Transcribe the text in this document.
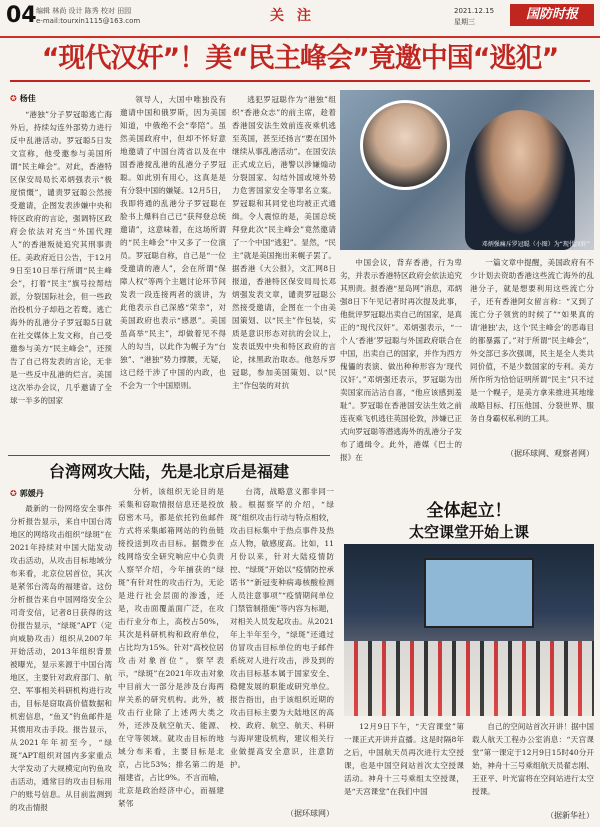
04 编辑 林尚 设计 陈秀 校对 田园
e-mail:tourxin1115@163.com	关 注	2021.12.15
星期三	国防时报
“现代汉奸”！美“民主峰会”竟邀中国“逃犯”
✪ 杨佳

“港独”分子罗冠聪逃亡海外后，持续勾连外部势力进行反中乱港活动。罗冠聪5日发文宣称，他受邀参与美国所谓“民主峰会”。对此，香港特区保安局局长邓炳强表示“极度愤慨”，谴责罗冠聪公然接受邀请，企图发表涉嫌中央和特区政府的言论，强调特区政府会依法对充当“外国代理人”的香港叛徒追究其刑事责任。美政府近日公告，于12月9日至10日举行所谓“民主峰会”，打着“民主”旗号拉帮结派，分裂国际社会，但一些政治投机分子却趋之若鹜。逃亡海外的乱港分子罗冠聪5日就在社交媒体上发文称，自己受邀参与美方“民主峰会”，还预告了自己将发表的言论，无非是一些反中乱港的烂言。美国这次举办会议，几乎邀请了全球一半多的国家

领导人，大国中唯独没有邀请中国和俄罗斯，因为美国知道，中俄绝不会“奉陪”。虽然美国政府中，但却不怀好意地邀请了中国台湾省以及在中国香港搅乱港的乱港分子罗冠聪。如此别有用心，这真是是有分裂中国的嫌疑。12月5日，我即将通的乱港分子罗冠聪在脸书上爆料自己已“获拜登总统邀请”，这意味着，在这场所谓的“民主峰会”中又多了一位演员。罗冠聪自称，自己是“一位受邀请的港人”，会在所谓“保障人权”等两个主题讨论环节间发表一段连接两者的演讲，为此他表示自己深感“荣幸”，对美国政府也表示“感恩”。美国虽高举“民主”，却做着见不得人的勾当，以此作为幌子为“台独”、“港独”势力撑腰，无疑，这已经干涉了中国的内政，也不会为一个中国原则。

逃犯罗冠聪作为“港独”组织“香港众志”的前主席，趁着香港国安法生效前连夜乘机逃至英国，甚至还扬言“要在国外继续从事乱港活动”。在国安法正式成立后，港警以涉嫌煽动分裂国家、勾结外国或境外势力危害国家安全等罪名立案。罗冠聪和其同党也均被正式通缉。令人震惊的是，美国总统拜登此次“民主峰会”竟然邀请了一个中国“逃犯”。显然，“民主”就是美国拖出来幌子罢了。据香港《大公报》，文汇网8日报道，香港特区保安局局长邓炳强发表文章，谴责罗冠聪公然接受邀请，企图在一个由美国策划、以“民主”作包装，实质是意识形态对抗的会议上，发表诋毁中央和特区政府的言论，抹黑政治取态。他怒斥罗冠聪，参加美国策划、以“民主”作包装的对抗

邓炳强痛斥罗冠聪（小图）为“现代汉奸”

中国会议，背弃香港，行为卑劣，并表示香港特区政府会依法追究其刑责。报香港“星岛网”消息，邓炳强8日下午见记者时再次提及此事，他批评罗冠聪出卖自己的国家，是真正的“现代汉奸”。邓炳强表示，“一个人‘香港’罗冠聪与外国政府联合在中国，出卖自己的国家，并作为西方傀儡的表演、做出种种形容为‘现代汉奸’。”邓炳强还表示，罗冠聪为出卖国家而沾沾自喜，“他应该感到羞耻”。罗冠聪在香港国安法生效之前连夜乘飞机逃往英国伦敦，涉嫌已正式向罗冠聪等潜逃海外的乱港分子发布了通缉令。此外，港媒《巴士的报》在

一篇文章中提醒，美国政府有不少计划去资助香港这些流亡海外的乱港分子，就是想要利用这些流亡分子，还有香港阿女留言称：“又到了流亡分子领赏的时候了”“如果真的请‘港独’去，这个‘民主峰会’的恶毒目的都暴露了。”对于所谓“民主峰会”，外交部已多次强调，民主是全人类共同价值，不是少数国家的专利。美方所作所为恰恰证明所谓“民主”只不过是一个幌子，是美方拿来推进其地缘战略目标、打压他国、分裂世界、服务自身霸权私利的工具。

（据环球网、观察者网）
台湾网攻大陆，先是北京后是福建
✪ 郭媛丹

最新的一份网络安全事件分析报告显示，来自中国台湾地区的网络攻击组织“绿斑”在2021年持续对中国大陆发动攻击活动，从攻击目标地域分布来看，北京位居首位，其次是紧邻台湾岛的福建省。这份分析报告来自中国网络安全公司奇安信，记者8日获得的这份报告显示，“绿斑”APT（定向威胁攻击）组织从2007年开始活动，2013年组织背景被曝光，显示来源于中国台湾地区，主要针对政府部门、航空、军事相关科研机构进行攻击，目标是窃取高价值数据和机密信息，“鱼叉”钓鱼邮件是其惯用攻击手段。报告显示，从2021年年初至今，“绿斑”APT组织对国内多家重点大学发动了大规模定向钓鱼攻击活动，通常目的攻击目标用户的账号信息。从目前监测到的攻击情报

分析，该组织无论目的是采集和窃取情报信息还是投放窃密木马，都是依托钓鱼邮件方式将采集邮箱网站的钓鱼链接投送到攻击目标。据微步在线网络安全研究响应中心负责人察罕介绍，今年捕获的“绿斑”有针对性的攻击行为，无论是进行社会层面的渗透，还是，攻击面覆盖面广泛，在攻击行业分布上，高校占50%，其次是科研机构和政府单位，占比均为15%。针对“高校位居攻击对象首位”，察罕表示，“绿斑”在2021年攻击对象中目前大一部分是涉及台海两岸关系的研究机构。此外，被攻击行业除了上述两大类之外，还涉及航空航天、能源、在守等领域。就攻击目标的地域分布来看，主要目标是北京，占比53%；排名第二的是福建省，占比9%。不言而喻，北京是政治经济中心，而福建紧邻

台湾，战略意义都非同一般。根据察罕的介绍，“绿斑”组织攻击行动与特点相较，攻击目标集中于热点事件及热点人物，敏感度高。比如，11月份以来，针对大陆疫情防控、“绿斑”开始以“疫情防控承诺书”“新冠变种病毒核酸检测人员注意事项”“疫情期间单位门禁管制措施”等内容为标题，对相关人员发起攻击。从2021年上半年至今，“绿斑”还通过仿冒攻击目标单位的电子邮件系统对人进行攻击，涉及到的攻击目标基本属于国家安全、稳健发展的职能或研究单位。报告指出，由于该组织近期的攻击目标主要为大陆地区的高校、政府、航空、航天、科研与海岸建设机构，建议相关行业做提高安全意识，注意防护。

（据环球网）
全体起立！
太空课堂开始上课

12月9日下午，“天宫课堂”第一课正式开讲并直播。这是时隔8年之后，中国航天员再次进行太空授课，也是中国空间站首次太空授课活动。神舟十三号乘组太空授课，是“天宫课堂”在我们中国

自己的空间站首次开讲！据中国载人航天工程办公室消息：“天宫课堂”第一课定于12月9日15时40分开始，神舟十三号乘组航天员翟志刚、王亚平、叶光富将在空间站进行太空授课。

（据新华社）
